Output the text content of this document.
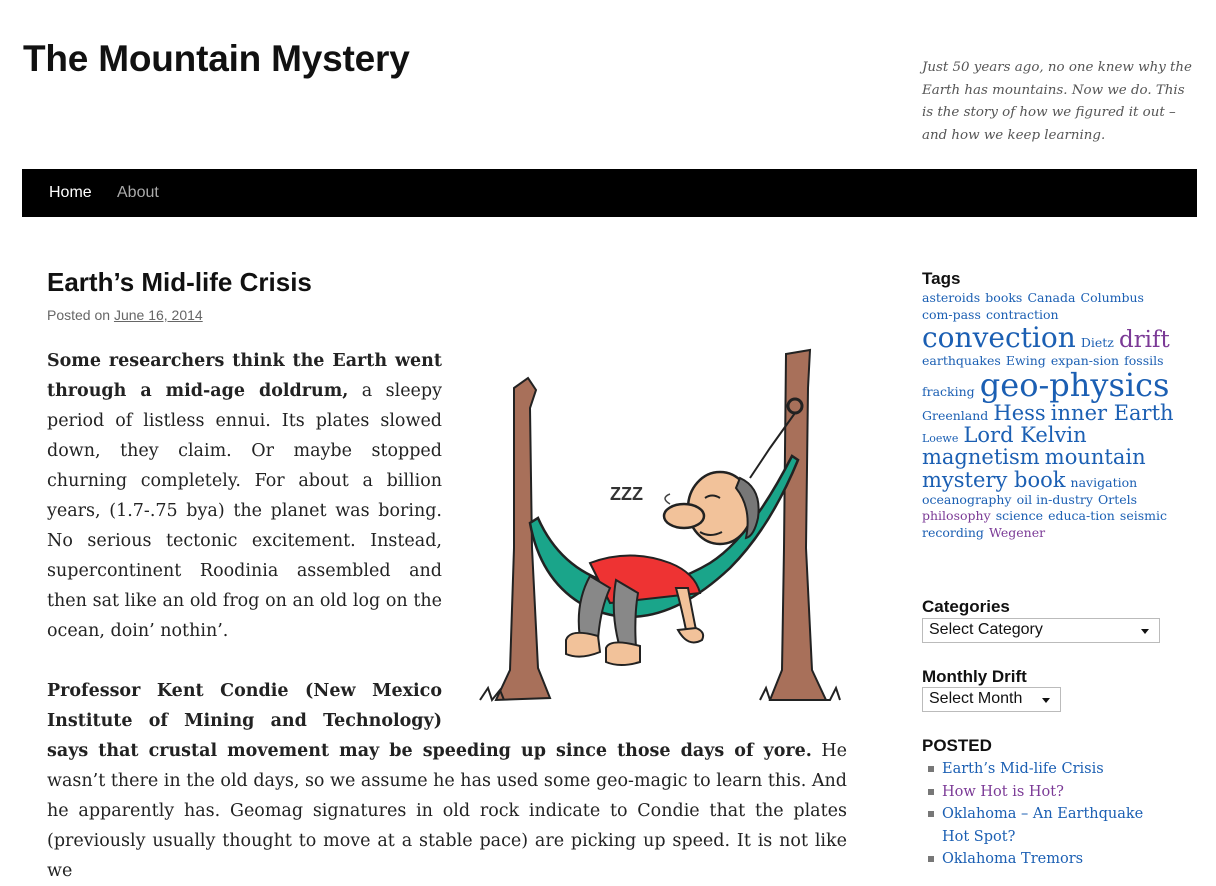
The Mountain Mystery	Just 50 years ago, no one knew why the Earth has mountains. Now we do. This is the story of how we figured it out – and how we keep learning.
Home About
Earth’s Mid-life Crisis
Posted on June 16, 2014
Some researchers think the Earth went through a mid-age doldrum, a sleepy period of listless ennui. Its plates slowed down, they claim. Or maybe stopped churning completely. For about a billion years, (1.7-.75 bya) the planet was boring. No serious tectonic excitement. Instead, supercontinent Roodinia assembled and then sat like an old frog on an old log on the ocean, doin’ nothin’.
Professor Kent Condie (New Mexico Institute of Mining and Technology)
says that crustal movement may be speeding up since those days of yore. He wasn’t there in the old days, so we assume he has used some geo-magic to learn this. And he apparently has. Geomag signatures in old rock indicate to Condie that the plates (previously usually thought to move at a stable pace) are picking up speed. It is not like we
ZZZ
Tags
asteroids books Canada Columbus com-pass contraction convection Dietz drift earthquakes Ewing expan-sion fossils fracking geo-physics Greenland Hess inner Earth Loewe Lord Kelvin magnetism mountain mystery book navigation oceanography oil in-dustry Ortels philosophy science educa-tion seismic recording Wegener
Categories
Select Category
Monthly Drift
Select Month
POSTED
Earth’s Mid-life Crisis
How Hot is Hot?
Oklahoma – An Earthquake Hot Spot?
Oklahoma Tremors
